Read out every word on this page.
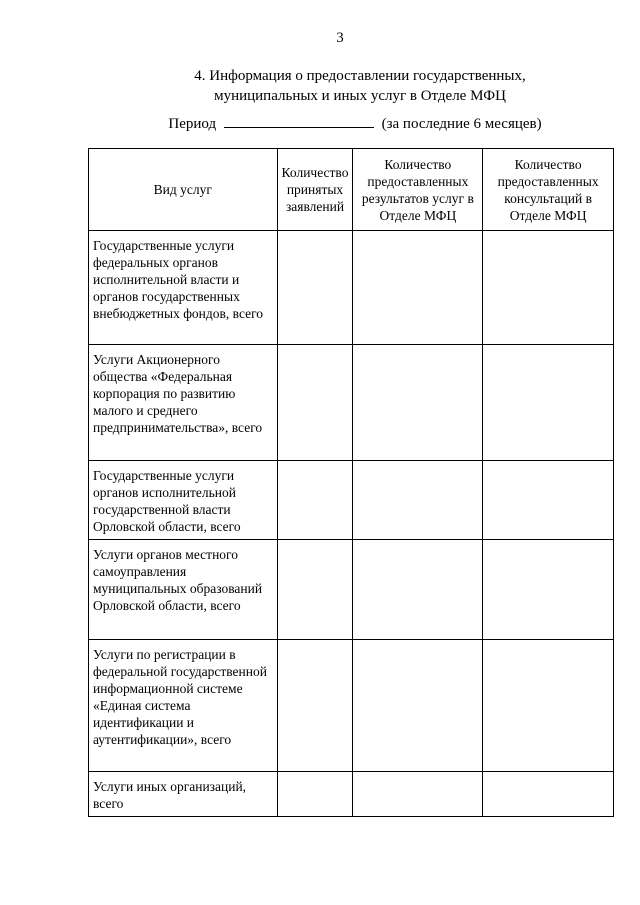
3
4. Информация о предоставлении государственных,
муниципальных и иных услуг в Отделе МФЦ
Период	(за последние 6 месяцев)
Вид услуг	Количество принятых заявлений	Количество предоставленных результатов услуг в Отделе МФЦ	Количество предоставленных консультаций в Отделе МФЦ

Государственные услуги федеральных органов исполнительной власти и органов государственных внебюджетных фондов, всего			
Услуги Акционерного общества «Федеральная корпорация по развитию малого и среднего предпринимательства», всего			
Государственные услуги органов исполнительной государственной власти Орловской области, всего			
Услуги органов местного самоуправления муниципальных образований Орловской области, всего			
Услуги по регистрации в федеральной государственной информационной системе «Единая система идентификации и аутентификации», всего			
Услуги иных организаций, всего			
